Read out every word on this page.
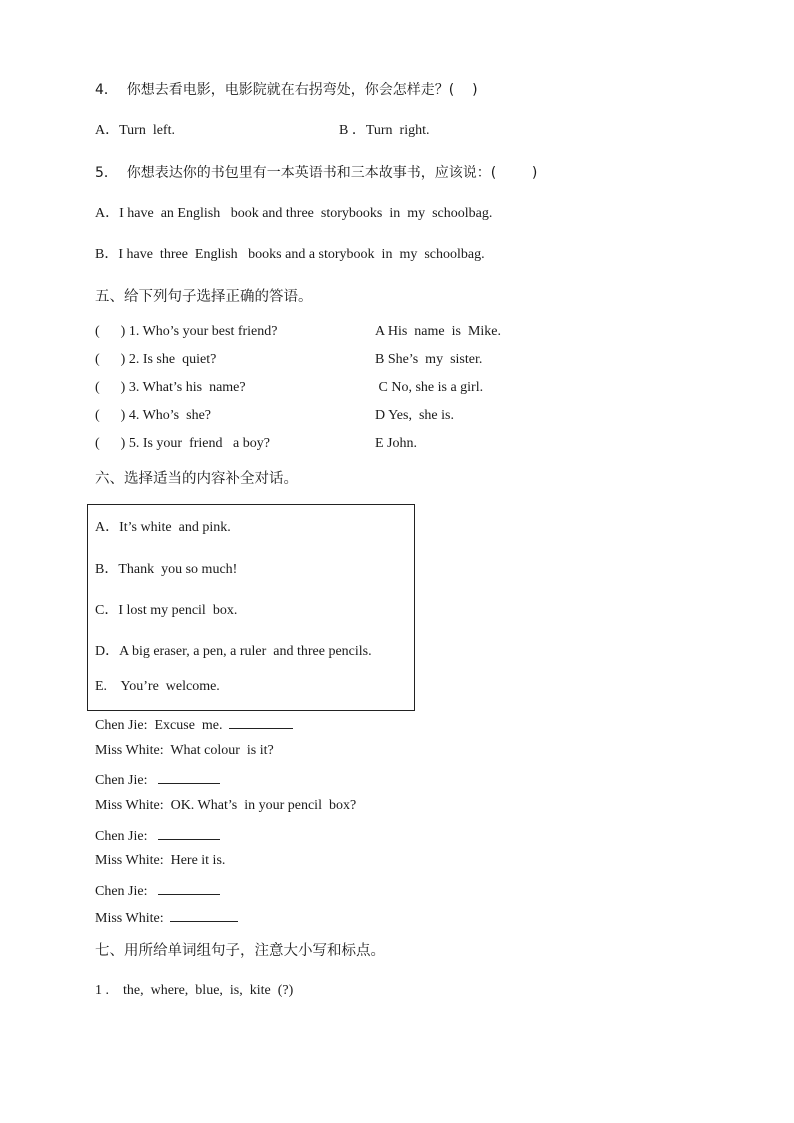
4．  你想去看电影，电影院就在右拐弯处，你会怎样走？(    )
A．Turn  left.	B ．Turn  right.
5．  你想表达你的书包里有一本英语书和三本故事书，应该说：(        )
A．I have  an English   book and three  storybooks  in  my  schoolbag.
B．I have  three  English   books and a storybook  in  my  schoolbag.
五、给下列句子选择正确的答语。
(      ) 1. Who’s your best friend?	A His  name  is  Mike.
(      ) 2. Is she  quiet?	B She’s  my  sister.
(      ) 3. What’s his  name?	C No, she is a girl.
(      ) 4. Who’s  she?	D Yes,  she is.
(      ) 5. Is your  friend   a boy?	E John.
六、选择适当的内容补全对话。
A．It’s white  and pink.
B．Thank  you so much!
C．I lost my pencil  box.
D．A big eraser, a pen, a ruler  and three pencils.
E.    You’re  welcome.
Chen Jie:  Excuse  me.
Miss White:  What colour  is it?
Chen Jie:
Miss White:  OK. What’s  in your pencil  box?
Chen Jie:
Miss White:  Here it is.
Chen Jie:
Miss White:
七、用所给单词组句子，注意大小写和标点。
1 .    the,  where,  blue,  is,  kite  (?)
